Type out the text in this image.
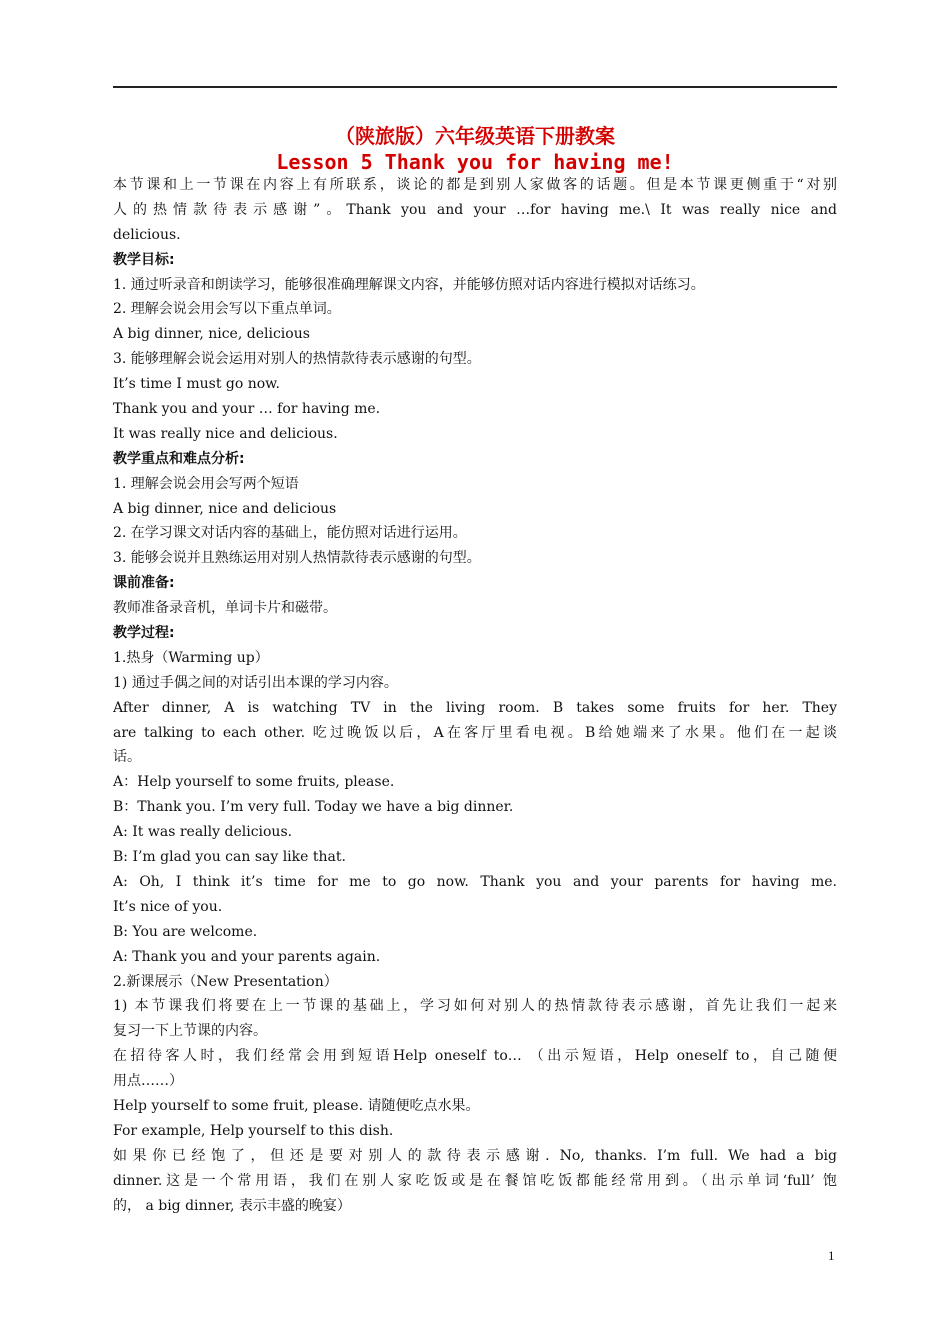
（陕旅版）六年级英语下册教案
Lesson 5 Thank you for having me!
本节课和上一节课在内容上有所联系，谈论的都是到别人家做客的话题。但是本节课更侧重于“对别
人的热情款待表示感谢”。Thank you and your …for having me.\ It was really nice and
delicious.
教学目标:
1. 通过听录音和朗读学习，能够很准确理解课文内容，并能够仿照对话内容进行模拟对话练习。
2. 理解会说会用会写以下重点单词。
A big dinner, nice, delicious
3. 能够理解会说会运用对别人的热情款待表示感谢的句型。
It’s time I must go now.
Thank you and your … for having me.
It was really nice and delicious.
教学重点和难点分析:
1. 理解会说会用会写两个短语
A big dinner, nice and delicious
2. 在学习课文对话内容的基础上，能仿照对话进行运用。
3. 能够会说并且熟练运用对别人热情款待表示感谢的句型。
课前准备:
教师准备录音机，单词卡片和磁带。
教学过程:
1.热身（Warming up）
1) 通过手偶之间的对话引出本课的学习内容。
After dinner, A is watching TV in the living room. B takes some fruits for her. They
are talking to each other. 吃过晚饭以后，A在客厅里看电视。B给她端来了水果。他们在一起谈
话。
A：Help yourself to some fruits, please.
B：Thank you. I’m very full. Today we have a big dinner.
A: It was really delicious.
B: I’m glad you can say like that.
A: Oh, I think it’s time for me to go now. Thank you and your parents for having me.
It’s nice of you.
B: You are welcome.
A: Thank you and your parents again.
2.新课展示（New Presentation）
1) 本节课我们将要在上一节课的基础上，学习如何对别人的热情款待表示感谢，首先让我们一起来
复习一下上节课的内容。
在招待客人时，我们经常会用到短语Help oneself to… （出示短语，Help oneself to，自己随便
用点……）
Help yourself to some fruit, please. 请随便吃点水果。
For example, Help yourself to this dish.
如果你已经饱了，但还是要对别人的款待表示感谢. No, thanks. I’m full. We had a big
dinner.这是一个常用语，我们在别人家吃饭或是在餐馆吃饭都能经常用到。（出示单词‘full’ 饱
的， a big dinner, 表示丰盛的晚宴）
1
